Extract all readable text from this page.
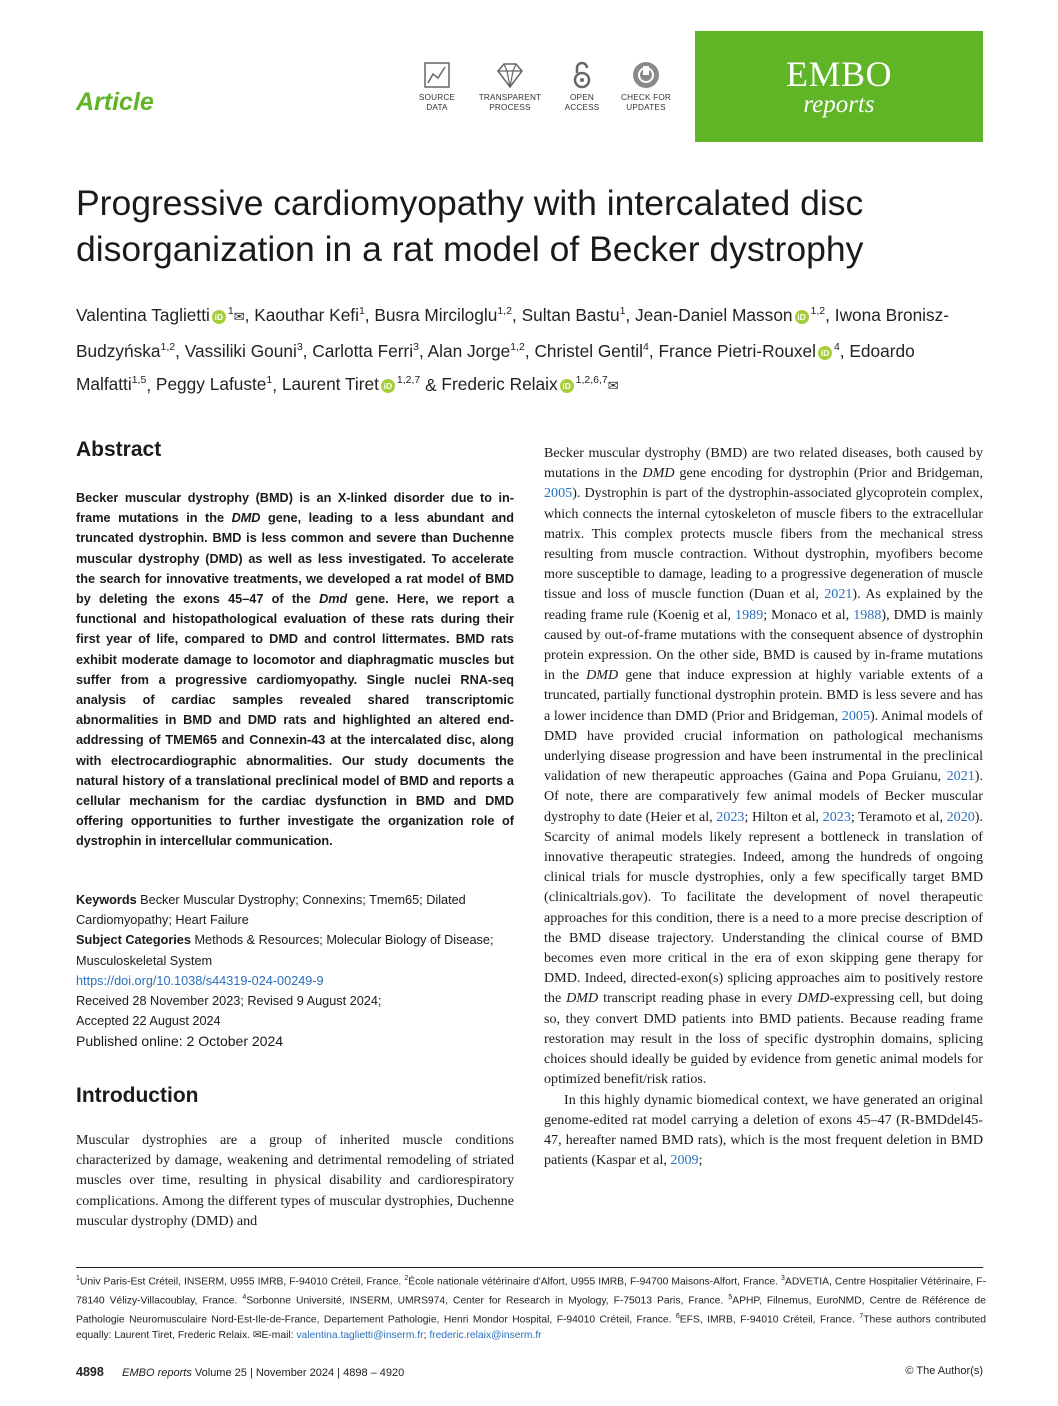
Article	SOURCE
DATA
TRANSPARENT
PROCESS
OPEN
ACCESS
CHECK FOR
UPDATES
EMBO
reports
Progressive cardiomyopathy with intercalated disc disorganization in a rat model of Becker dystrophy
Valentina Taglietti iD $^1$✉, Kaouthar Kefi$^1$, Busra Mirciloglu$^{1,2}$, Sultan Bastu$^1$, Jean-Daniel Masson iD $^{1,2}$, Iwona Bronisz-Budzyńska$^{1,2}$, Vassiliki Gouni$^3$, Carlotta Ferri$^3$, Alan Jorge$^{1,2}$, Christel Gentil$^4$, France Pietri-Rouxel iD $^4$, Edoardo Malfatti$^{1,5}$, Peggy Lafuste$^1$, Laurent Tiret iD $^{1,2,7}$ & Frederic Relaix iD $^{1,2,6,7}$✉
Abstract
Becker muscular dystrophy (BMD) is an X-linked disorder due to in-frame mutations in the DMD gene, leading to a less abundant and truncated dystrophin. BMD is less common and severe than Duchenne muscular dystrophy (DMD) as well as less investigated. To accelerate the search for innovative treatments, we developed a rat model of BMD by deleting the exons 45–47 of the Dmd gene. Here, we report a functional and histopathological evaluation of these rats during their first year of life, compared to DMD and control littermates. BMD rats exhibit moderate damage to locomotor and diaphragmatic muscles but suffer from a progressive cardiomyopathy. Single nuclei RNA-seq analysis of cardiac samples revealed shared transcriptomic abnormalities in BMD and DMD rats and highlighted an altered end-addressing of TMEM65 and Connexin-43 at the intercalated disc, along with electrocardiographic abnormalities. Our study documents the natural history of a translational preclinical model of BMD and reports a cellular mechanism for the cardiac dysfunction in BMD and DMD offering opportunities to further investigate the organization role of dystrophin in intercellular communication.
Keywords Becker Muscular Dystrophy; Connexins; Tmem65; Dilated Cardiomyopathy; Heart Failure
Subject Categories Methods & Resources; Molecular Biology of Disease; Musculoskeletal System
https://doi.org/10.1038/s44319-024-00249-9
Received 28 November 2023; Revised 9 August 2024;
Accepted 22 August 2024
Published online: 2 October 2024
Introduction
Muscular dystrophies are a group of inherited muscle conditions characterized by damage, weakening and detrimental remodeling of striated muscles over time, resulting in physical disability and cardiorespiratory complications. Among the different types of muscular dystrophies, Duchenne muscular dystrophy (DMD) and

Becker muscular dystrophy (BMD) are two related diseases, both caused by mutations in the DMD gene encoding for dystrophin (Prior and Bridgeman, 2005). Dystrophin is part of the dystrophin-associated glycoprotein complex, which connects the internal cytoskeleton of muscle fibers to the extracellular matrix. This complex protects muscle fibers from the mechanical stress resulting from muscle contraction. Without dystrophin, myofibers become more susceptible to damage, leading to a progressive degeneration of muscle tissue and loss of muscle function (Duan et al, 2021). As explained by the reading frame rule (Koenig et al, 1989; Monaco et al, 1988), DMD is mainly caused by out-of-frame mutations with the consequent absence of dystrophin protein expression. On the other side, BMD is caused by in-frame mutations in the DMD gene that induce expression at highly variable extents of a truncated, partially functional dystrophin protein. BMD is less severe and has a lower incidence than DMD (Prior and Bridgeman, 2005). Animal models of DMD have provided crucial information on pathological mechanisms underlying disease progression and have been instrumental in the preclinical validation of new therapeutic approaches (Gaina and Popa Gruianu, 2021). Of note, there are comparatively few animal models of Becker muscular dystrophy to date (Heier et al, 2023; Hilton et al, 2023; Teramoto et al, 2020). Scarcity of animal models likely represent a bottleneck in translation of innovative therapeutic strategies. Indeed, among the hundreds of ongoing clinical trials for muscle dystrophies, only a few specifically target BMD (clinicaltrials.gov). To facilitate the development of novel therapeutic approaches for this condition, there is a need to a more precise description of the BMD disease trajectory. Understanding the clinical course of BMD becomes even more critical in the era of exon skipping gene therapy for DMD. Indeed, directed-exon(s) splicing approaches aim to positively restore the DMD transcript reading phase in every DMD-expressing cell, but doing so, they convert DMD patients into BMD patients. Because reading frame restoration may result in the loss of specific dystrophin domains, splicing choices should ideally be guided by evidence from genetic animal models for optimized benefit/risk ratios.

In this highly dynamic biomedical context, we have generated an original genome-edited rat model carrying a deletion of exons 45–47 (R-BMDdel45-47, hereafter named BMD rats), which is the most frequent deletion in BMD patients (Kaspar et al, 2009;

$^1$Univ Paris-Est Créteil, INSERM, U955 IMRB, F-94010 Créteil, France. $^2$École nationale vétérinaire d'Alfort, U955 IMRB, F-94700 Maisons-Alfort, France. $^3$ADVETIA, Centre Hospitalier Vétérinaire, F-78140 Vélizy-Villacoublay, France. $^4$Sorbonne Université, INSERM, UMRS974, Center for Research in Myology, F-75013 Paris, France. $^5$APHP, Filnemus, EuroNMD, Centre de Référence de Pathologie Neuromusculaire Nord-Est-Ile-de-France, Departement Pathologie, Henri Mondor Hospital, F-94010 Créteil, France. $^6$EFS, IMRB, F-94010 Créteil, France. $^7$These authors contributed equally: Laurent Tiret, Frederic Relaix. ✉E-mail: valentina.taglietti@inserm.fr; frederic.relaix@inserm.fr
4898 EMBO reports Volume 25 | November 2024 | 4898 – 4920	© The Author(s)
